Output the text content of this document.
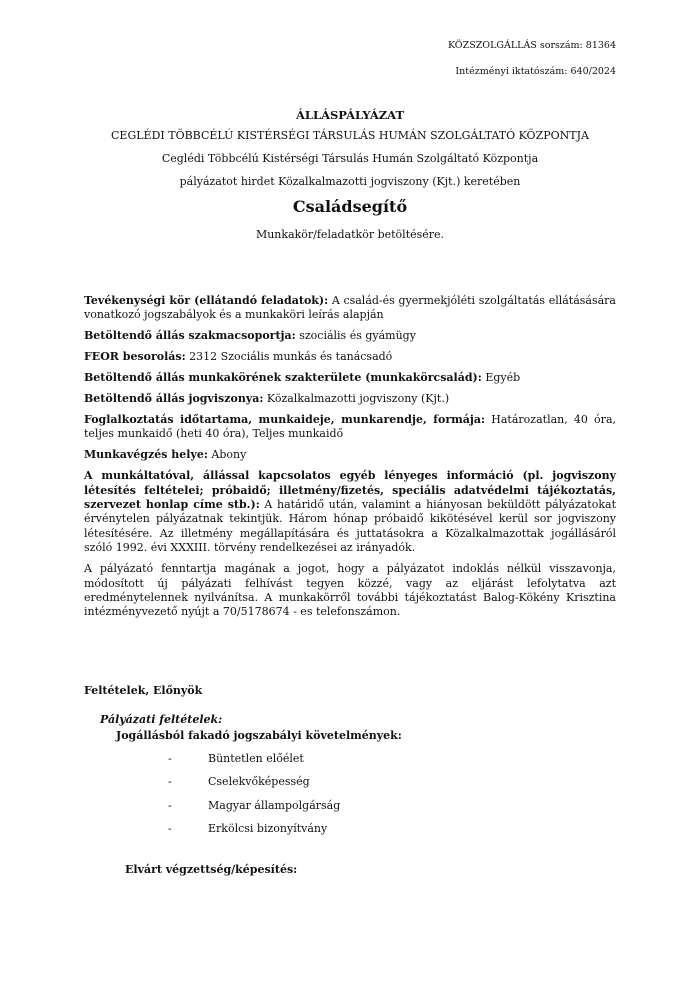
KÖZSZOLGÁLLÁS sorszám: 81364
Intézményi iktatószám: 640/2024
ÁLLÁSPÁLYÁZAT
CEGLÉDI TÖBBCÉLÚ KISTÉRSÉGI TÁRSULÁS HUMÁN SZOLGÁLTATÓ KÖZPONTJA
Ceglédi Többcélú Kistérségi Társulás Humán Szolgáltató Központja
pályázatot hirdet Közalkalmazotti jogviszony (Kjt.) keretében
Családsegítő
Munkakör/feladatkör betöltésére.

Tevékenységi kör (ellátandó feladatok): A család-és gyermekjóléti szolgáltatás ellátásására vonatkozó jogszabályok és a munkaköri leírás alapján

Betöltendő állás szakmacsoportja: szociális és gyámügy

FEOR besorolás: 2312 Szociális munkás és tanácsadó

Betöltendő állás munkakörének szakterülete (munkakörcsalád): Egyéb

Betöltendő állás jogviszonya: Közalkalmazotti jogviszony (Kjt.)

Foglalkoztatás időtartama, munkaideje, munkarendje, formája: Határozatlan, 40 óra, teljes munkaidő (heti 40 óra), Teljes munkaidő

Munkavégzés helye: Abony

A munkáltatóval, állással kapcsolatos egyéb lényeges információ (pl. jogviszony létesítés feltételei; próbaidő; illetmény/fizetés, speciális adatvédelmi tájékoztatás, szervezet honlap címe stb.): A határidő után, valamint a hiányosan beküldött pályázatokat érvénytelen pályázatnak tekintjük. Három hónap próbaidő kikötésével kerül sor jogviszony létesítésére. Az illetmény megállapítására és juttatásokra a Közalkalmazottak jogállásáról szóló 1992. évi XXXIII. törvény rendelkezései az irányadók.

A pályázató fenntartja magának a jogot, hogy a pályázatot indoklás nélkül visszavonja, módosított új pályázati felhívást tegyen közzé, vagy az eljárást lefolytatva azt eredménytelennek nyilvánítsa. A munkakörről további tájékoztatást Balog-Kökény Krisztina intézményvezető nyújt a 70/5178674 - es telefonszámon.

Feltételek, Előnyök
Pályázati feltételek:
Jogállásból fakadó jogszabályi követelmények:
-	Büntetlen előélet
-	Cselekvőképesség
-	Magyar állampolgárság
-	Erkölcsi bizonyítvány
Elvárt végzettség/képesítés:
